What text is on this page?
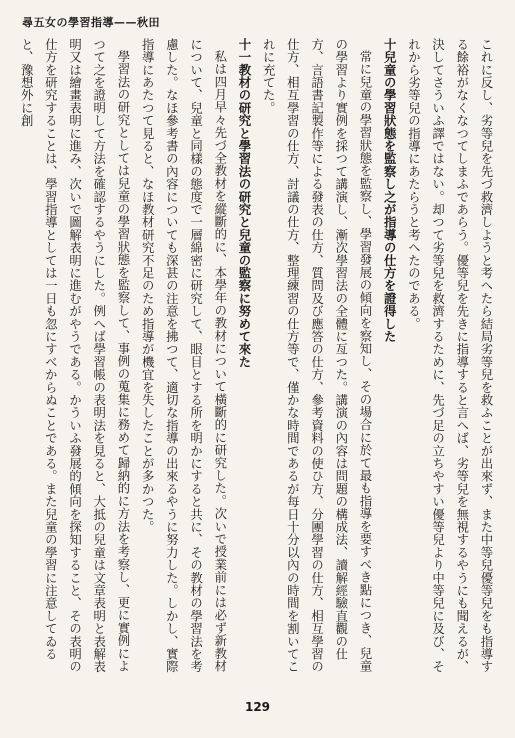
尋五女の學習指導——秋田

これに反し、劣等兒を先づ救濟しようと考へたら結局劣等兒を救ふことが出來ず、また中等兒優等兒をも指導する餘裕がなくなつてしまふであらう。優等兒を先きに指導すると言へば、劣等兒を無視するやうにも聞えるが、決してさういふ譯ではない。却つて劣等兒を救濟するために、先づ足の立ちやすい優等兒より中等兒に及び、それから劣等兒の指導にあたらうと考へたのである。

十兒童の學習狀態を監察し之が指導の仕方を證得した

常に兒童の學習狀態を監察し、學習發展の傾向を察知し、その場合に於て最も指導を要すべき點につき、兒童の學習より實例を採つて講演し、漸次學習法の全體に亙つた。講演の內容は問題の構成法、讀解經驗直觀の仕方、言語書記製作等による發表の仕方、質問及び應答の仕方、參考資料の使ひ方、分團學習の仕方、相互學習の仕方、相互學習の仕方、討議の仕方、整理練習の仕方等で、僅かな時間であるが每日十分以內の時間を割いてこれに充てた。

十一教材の研究と學習法の研究と兒童の監察に努めて來た

私は四月早々先づ全教材を縱斷的に、本學年の教材について橫斷的に研究した。次いで授業前には必ず新教材について、兒童と同樣の態度で一層綿密に研究して、眼目とする所を明かにすると共に、その教材の學習法を考慮した。なほ參考書の內容についても深甚の注意を拂つて、適切な指導の出來るやうに努力した。しかし、實際指導にあたつて見ると、なほ教材研究不足のため指導が機宜を失したことが多かつた。

學習法の研究としては兒童の學習狀態を監察して、事例の蒐集に務めて歸納的に方法を考察し、更に實例によつて之を證明して方法を確認するやうにした。例へば學習帳の表明法を見ると、大抵の兒童は文章表明と表解表明又は繪畫表明に進み、次いで圖解表明に進むがやうである。かういふ發展的傾向を探知すること、その表明の仕方を研究することは、學習指導としては一日も忽にすべからぬことである。また兒童の學習に注意してゐると、豫想外に創

129
